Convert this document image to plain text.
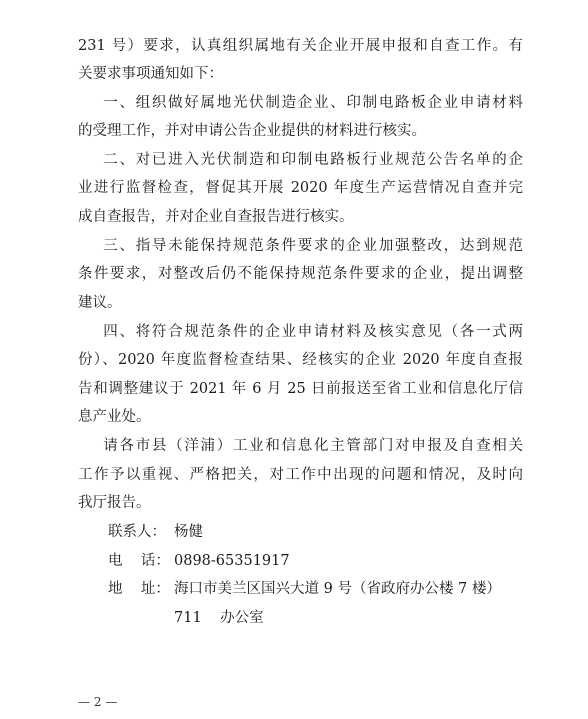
231 号）要求，认真组织属地有关企业开展申报和自查工作。有
关要求事项通知如下：
一、组织做好属地光伏制造企业、印制电路板企业申请材料
的受理工作，并对申请公告企业提供的材料进行核实。
二、对已进入光伏制造和印制电路板行业规范公告名单的企
业进行监督检查，督促其开展 2020 年度生产运营情况自查并完
成自查报告，并对企业自查报告进行核实。
三、指导未能保持规范条件要求的企业加强整改，达到规范
条件要求，对整改后仍不能保持规范条件要求的企业，提出调整
建议。
四、将符合规范条件的企业申请材料及核实意见（各一式两
份）、2020 年度监督检查结果、经核实的企业 2020 年度自查报
告和调整建议于 2021 年 6 月 25 日前报送至省工业和信息化厅信
息产业处。
请各市县（洋浦）工业和信息化主管部门对申报及自查相关
工作予以重视、严格把关，对工作中出现的问题和情况，及时向
我厅报告。
联系人： 杨健
电    话： 0898-65351917
地    址： 海口市美兰区国兴大道 9 号（省政府办公楼 7 楼）
711    办公室
— 2 —
